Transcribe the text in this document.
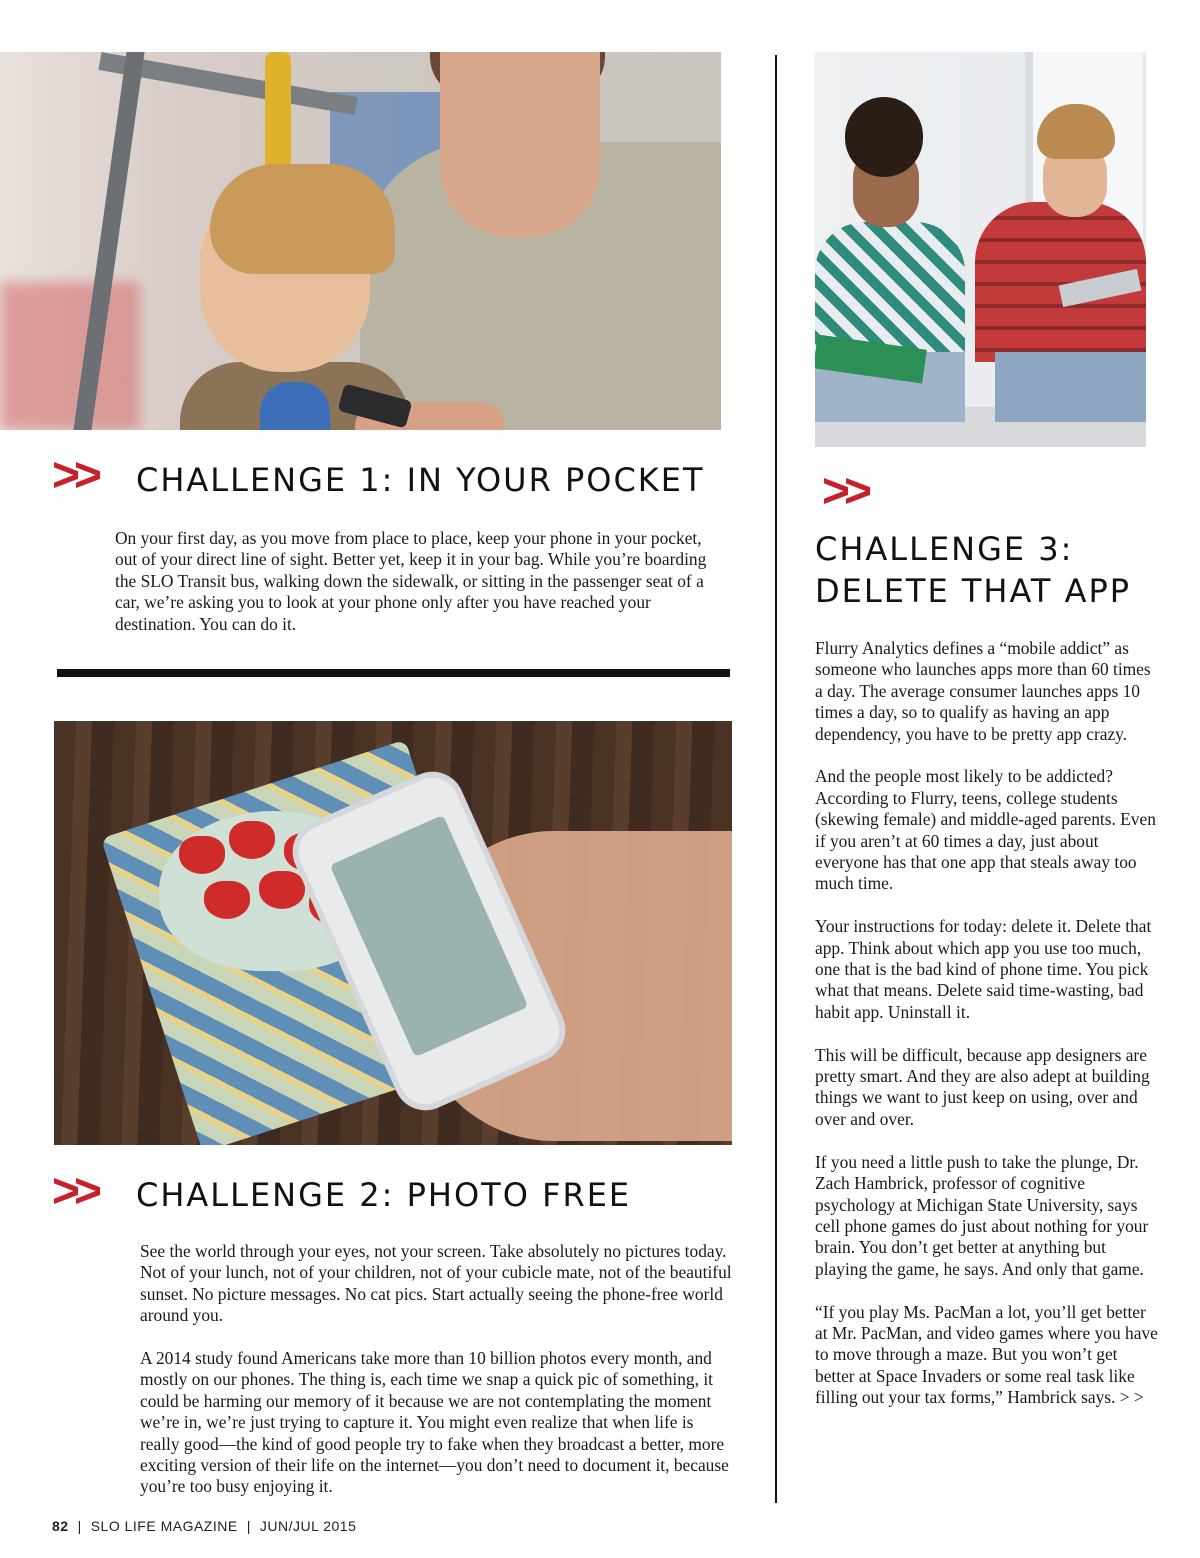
>> CHALLENGE 1: IN YOUR POCKET

On your first day, as you move from place to place, keep your phone in your pocket, out of your direct line of sight. Better yet, keep it in your bag. While you’re boarding the SLO Transit bus, walking down the sidewalk, or sitting in the passenger seat of a car, we’re asking you to look at your phone only after you have reached your destination. You can do it.

>> CHALLENGE 2: PHOTO FREE

See the world through your eyes, not your screen. Take absolutely no pictures today. Not of your lunch, not of your children, not of your cubicle mate, not of the beautiful sunset. No picture messages. No cat pics. Start actually seeing the phone-free world around you.

A 2014 study found Americans take more than 10 billion photos every month, and mostly on our phones. The thing is, each time we snap a quick pic of something, it could be harming our memory of it because we are not contemplating the moment we’re in, we’re just trying to capture it. You might even realize that when life is really good—the kind of good people try to fake when they broadcast a better, more exciting version of their life on the internet—you don’t need to document it, because you’re too busy enjoying it.

>>
CHALLENGE 3:
DELETE THAT APP

Flurry Analytics defines a “mobile addict” as someone who launches apps more than 60 times a day. The average consumer launches apps 10 times a day, so to qualify as having an app dependency, you have to be pretty app crazy.

And the people most likely to be addicted? According to Flurry, teens, college students (skewing female) and middle-aged parents. Even if you aren’t at 60 times a day, just about everyone has that one app that steals away too much time.

Your instructions for today: delete it. Delete that app. Think about which app you use too much, one that is the bad kind of phone time. You pick what that means. Delete said time-wasting, bad habit app. Uninstall it.

This will be difficult, because app designers are pretty smart. And they are also adept at building things we want to just keep on using, over and over and over.

If you need a little push to take the plunge, Dr. Zach Hambrick, professor of cognitive psychology at Michigan State University, says cell phone games do just about nothing for your brain. You don’t get better at anything but playing the game, he says. And only that game.

“If you play Ms. PacMan a lot, you’ll get better at Mr. PacMan, and video games where you have to move through a maze. But you won’t get better at Space Invaders or some real task like filling out your tax forms,” Hambrick says. > >

82 | SLO LIFE MAGAZINE | JUN/JUL 2015
